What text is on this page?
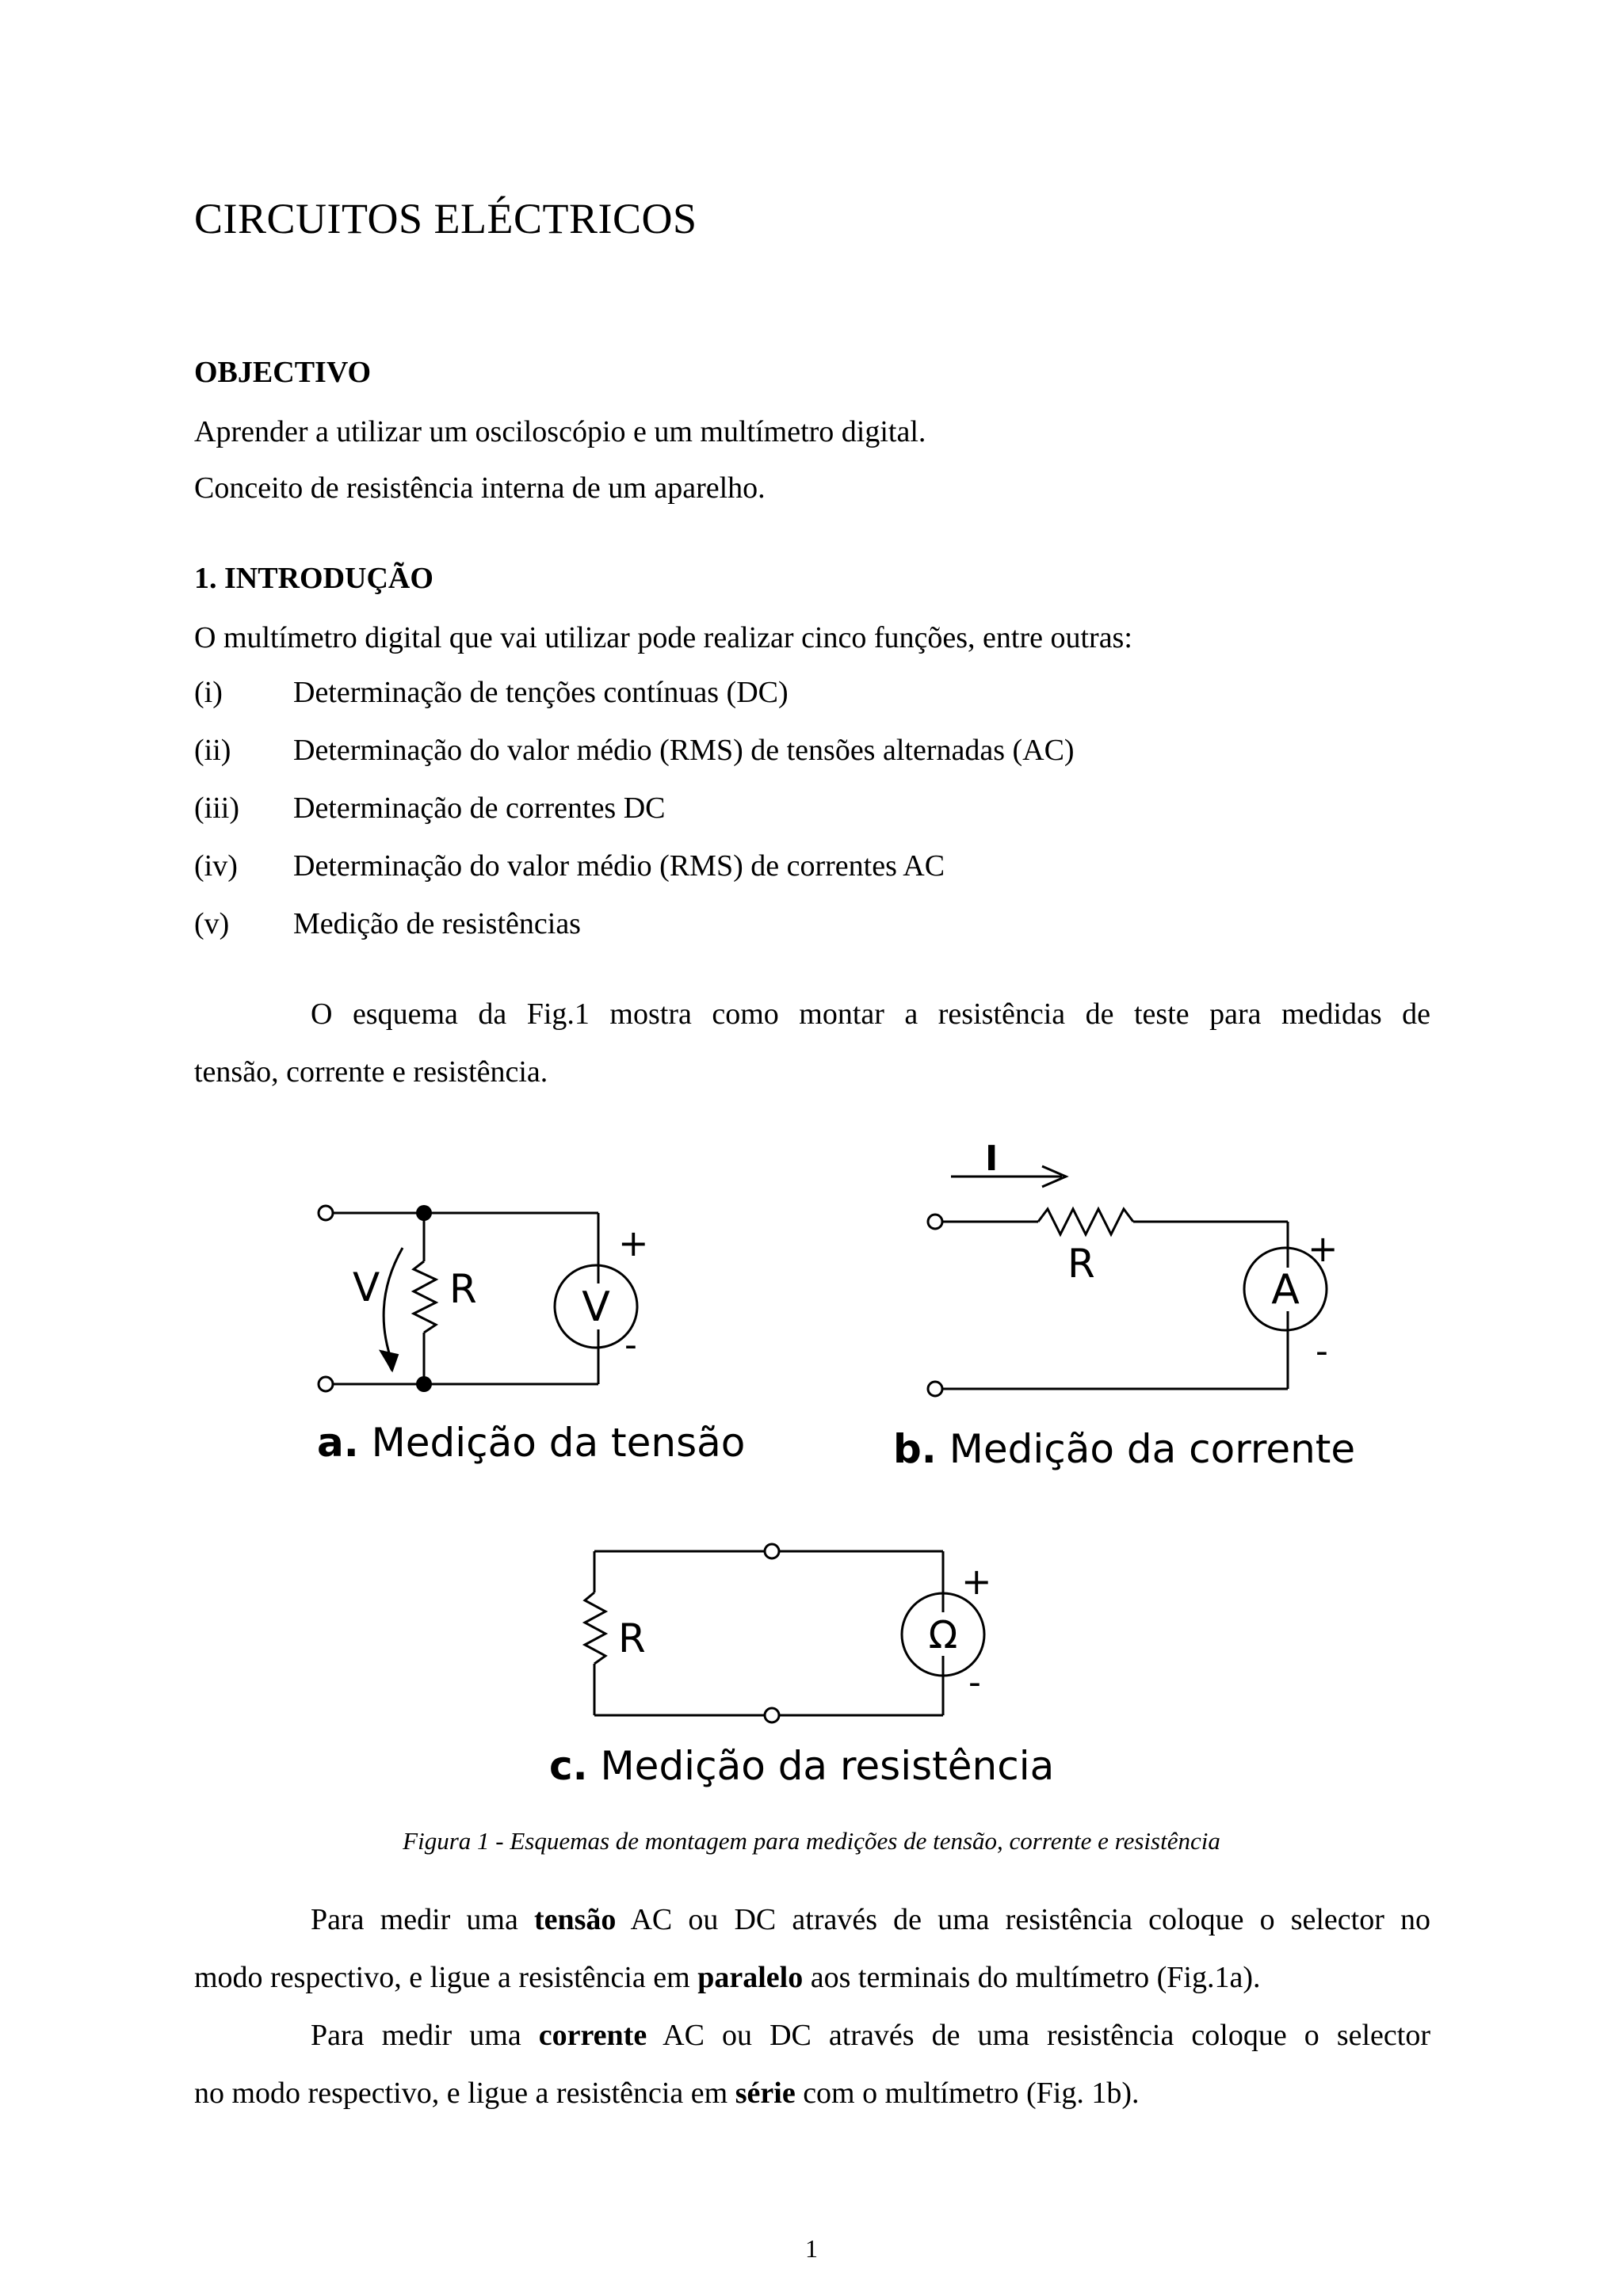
CIRCUITOS ELÉCTRICOS
OBJECTIVO
Aprender a utilizar um osciloscópio e um multímetro digital.
Conceito de resistência interna de um aparelho.
1. INTRODUÇÃO
O multímetro digital que vai utilizar pode realizar cinco funções, entre outras:
(i) Determinação de tenções contínuas (DC)
(ii) Determinação do valor médio (RMS) de tensões alternadas (AC)
(iii) Determinação de correntes DC
(iv) Determinação do valor médio (RMS) de correntes AC
(v) Medição de resistências
O esquema da Fig.1 mostra como montar a resistência de teste para medidas de
tensão, corrente e resistência.
V R	V
+
-
I
R
A
+
-
R	Ω
+
-
a. Medição da tensão	b. Medição da corrente
c. Medição da resistência
Figura 1 - Esquemas de montagem para medições de tensão, corrente e resistência
Para medir uma tensão AC ou DC através de uma resistência coloque o selector no
modo respectivo, e ligue a resistência em paralelo aos terminais do multímetro (Fig.1a).
Para medir uma corrente AC ou DC através de uma resistência coloque o selector
no modo respectivo, e ligue a resistência em série com o multímetro (Fig. 1b).
1
